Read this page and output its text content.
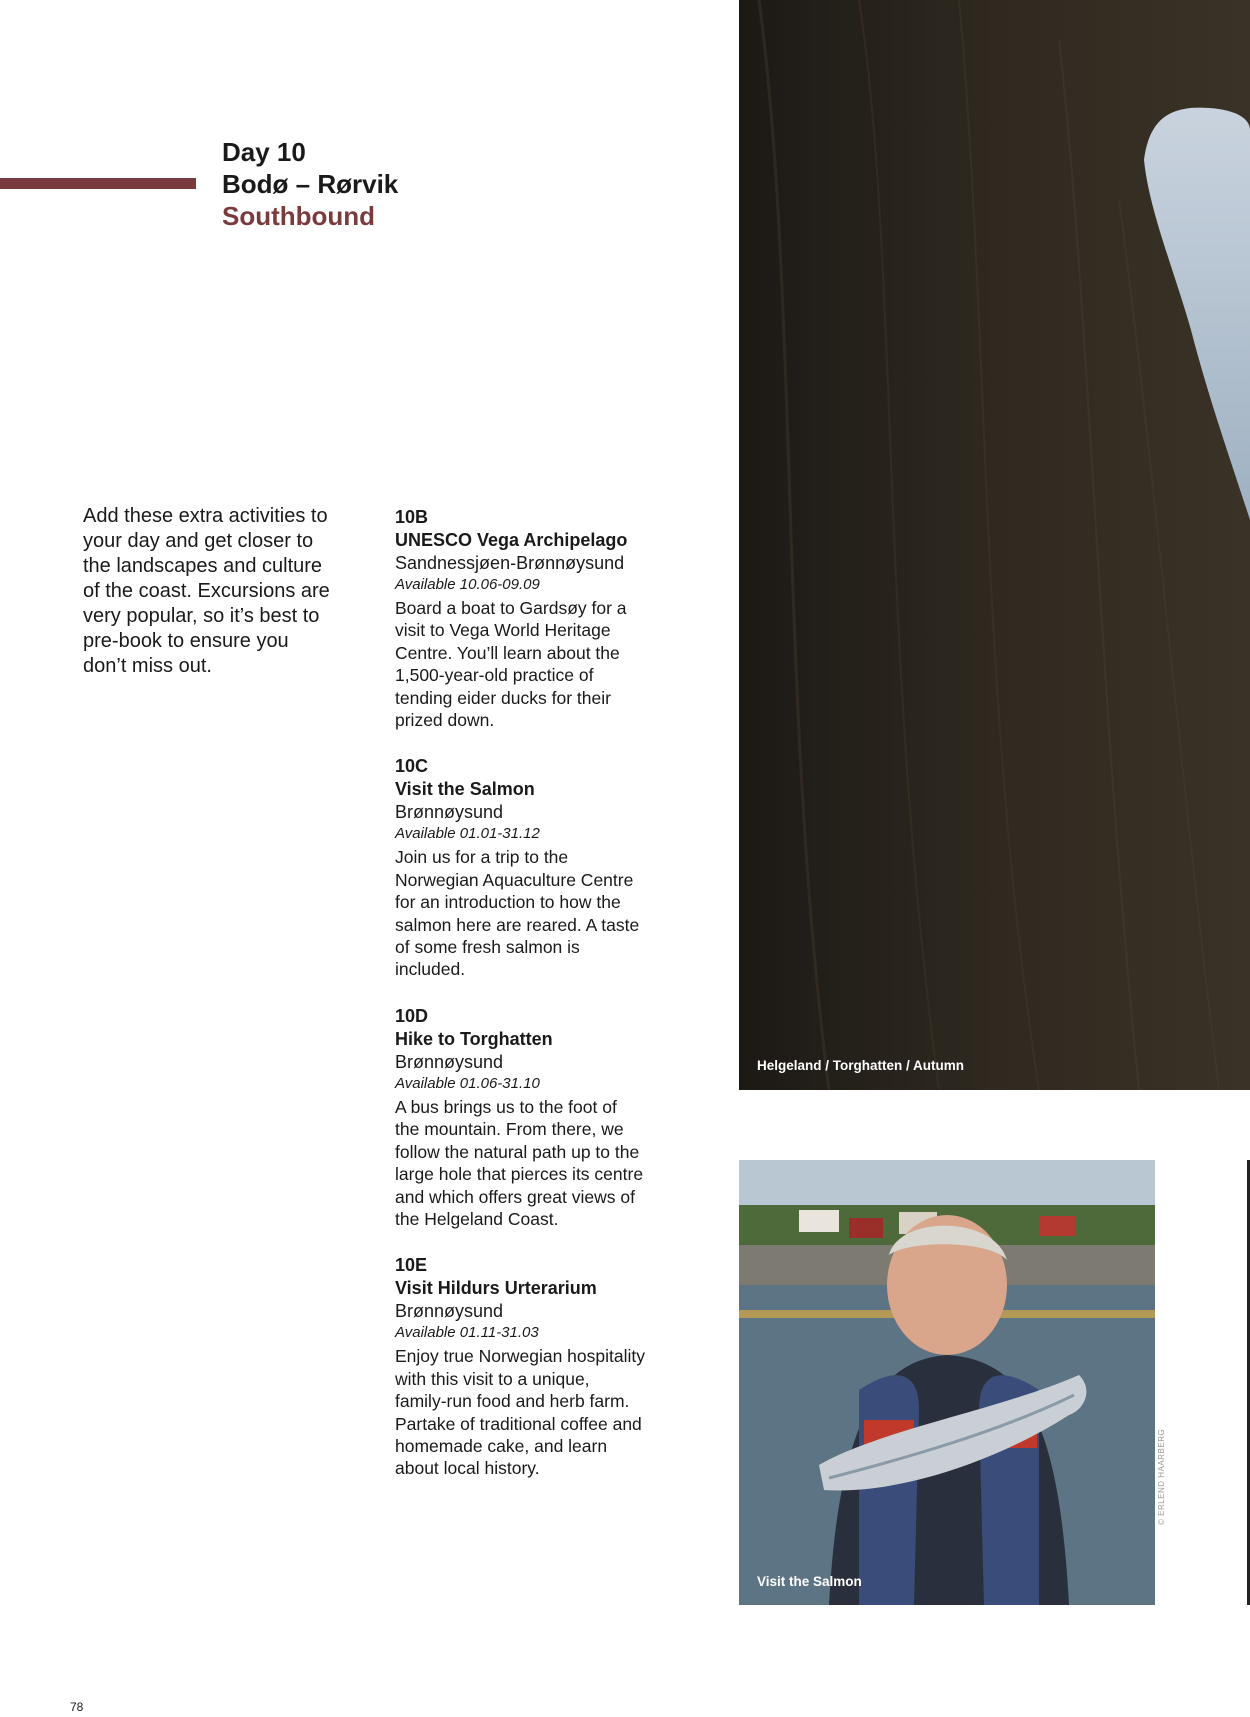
Day 10
Bodø – Rørvik
Southbound

Add these extra activities to your day and get closer to the landscapes and culture of the coast. Excursions are very popular, so it’s best to pre-book to ensure you don’t miss out.

10B
UNESCO Vega Archipelago
Sandnessjøen-Brønnøysund
Available 10.06-09.09

Board a boat to Gardsøy for a visit to Vega World Heritage Centre. You’ll learn about the 1,500-year-old practice of tending eider ducks for their prized down.

10C
Visit the Salmon
Brønnøysund
Available 01.01-31.12

Join us for a trip to the Norwegian Aquaculture Centre for an introduction to how the salmon here are reared. A taste of some fresh salmon is included.

10D
Hike to Torghatten
Brønnøysund
Available 01.06-31.10

A bus brings us to the foot of the mountain. From there, we follow the natural path up to the large hole that pierces its centre and which offers great views of the Helgeland Coast.

10E
Visit Hildurs Urterarium
Brønnøysund
Available 01.11-31.03

Enjoy true Norwegian hospitality with this visit to a unique, family-run food and herb farm. Partake of traditional coffee and homemade cake, and learn about local history.

Helgeland / Torghatten / Autumn
Visit the Salmon
© ERLEND HAARBERG
78
